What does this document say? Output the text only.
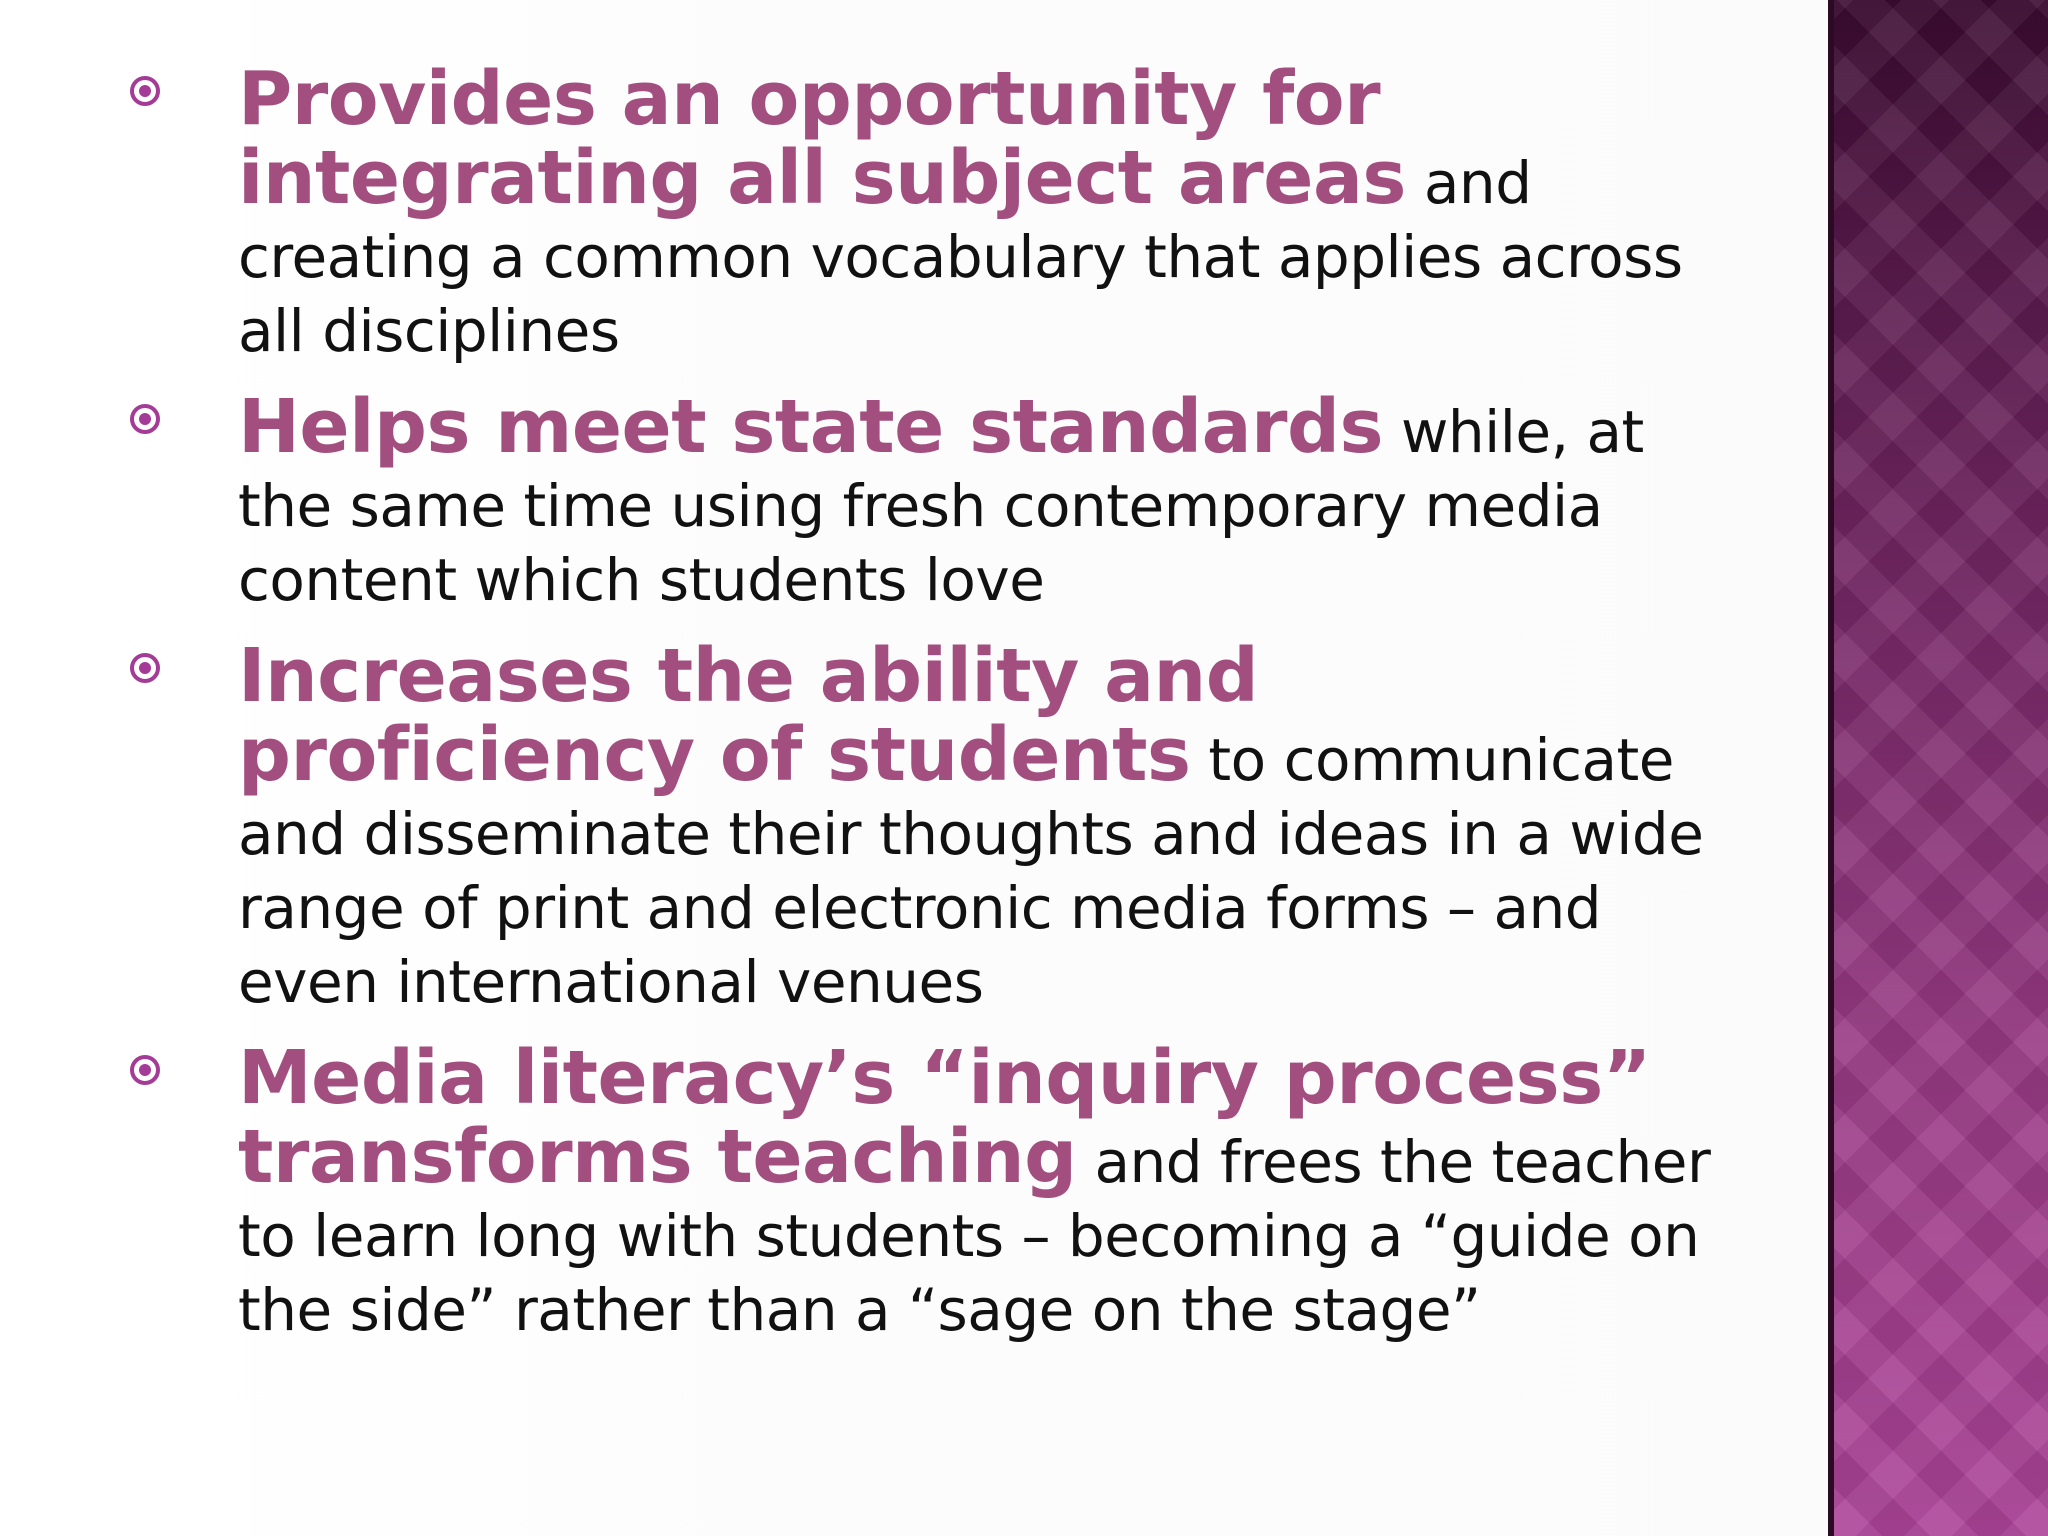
Provides an opportunity for integrating all subject areas and creating a common vocabulary that applies across all disciplines
Helps meet state standards while, at the same time using fresh contemporary media content which students love
Increases the ability and proficiency of students to communicate and disseminate their thoughts and ideas in a wide range of print and electronic media forms – and even international venues
Media literacy’s “inquiry process” transforms teaching and frees the teacher to learn long with students – becoming a “guide on the side” rather than a “sage on the stage”
